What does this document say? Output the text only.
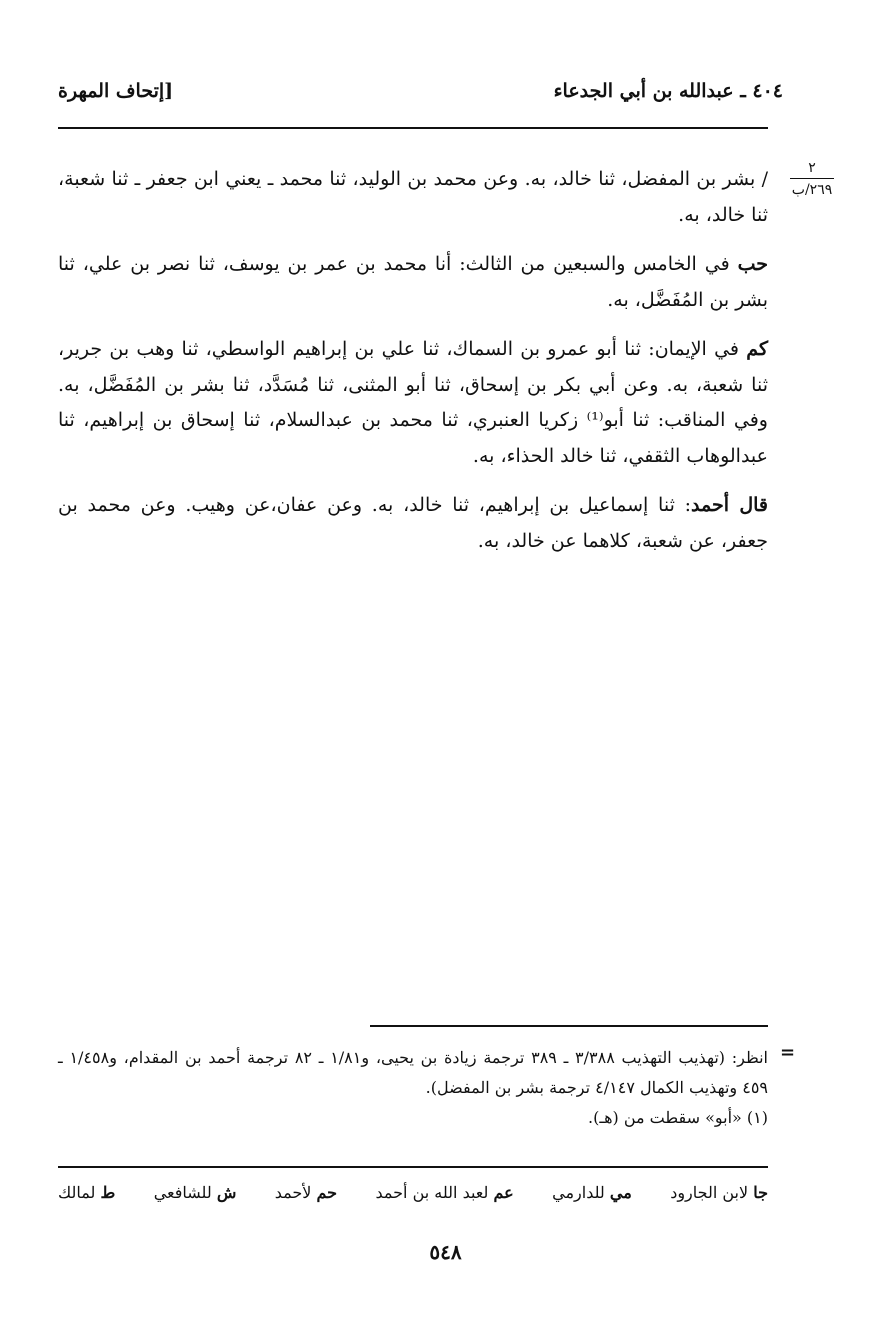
٤٠٤ ـ عبدالله بن أبي الجدعاء
[إتحاف المهرة
٢
٢٦٩/ب

/ بشر بن المفضل، ثنا خالد، به. وعن محمد بن الوليد، ثنا محمد ـ يعني ابن جعفر ـ ثنا شعبة، ثنا خالد، به.

حب في الخامس والسبعين من الثالث: أنا محمد بن عمر بن يوسف، ثنا نصر بن علي، ثنا بشر بن المُفَضَّل، به.

كم في الإيمان: ثنا أبو عمرو بن السماك، ثنا علي بن إبراهيم الواسطي، ثنا وهب بن جرير، ثنا شعبة، به. وعن أبي بكر بن إسحاق، ثنا أبو المثنى، ثنا مُسَدَّد، ثنا بشر بن المُفَضَّل، به. وفي المناقب: ثنا أبو⁽¹⁾ زكريا العنبري، ثنا محمد بن عبدالسلام، ثنا إسحاق بن إبراهيم، ثنا عبدالوهاب الثقفي، ثنا خالد الحذاء، به.

قال أحمد: ثنا إسماعيل بن إبراهيم، ثنا خالد، به. وعن عفان،عن وهيب. وعن محمد بن جعفر، عن شعبة، كلاهما عن خالد، به.

=

انظر: (تهذيب التهذيب ٣/٣٨٨ ـ ٣٨٩ ترجمة زيادة بن يحيى، و١/٨١ ـ ٨٢ ترجمة أحمد بن المقدام، و١/٤٥٨ ـ ٤٥٩ وتهذيب الكمال ٤/١٤٧ ترجمة بشر بن المفضل).

(١) «أبو» سقطت من (هـ).

ط لمالك	ش للشافعي	حم لأحمد	عم لعبد الله بن أحمد	مي للدارمي	جا لابن الجارود
٥٤٨
